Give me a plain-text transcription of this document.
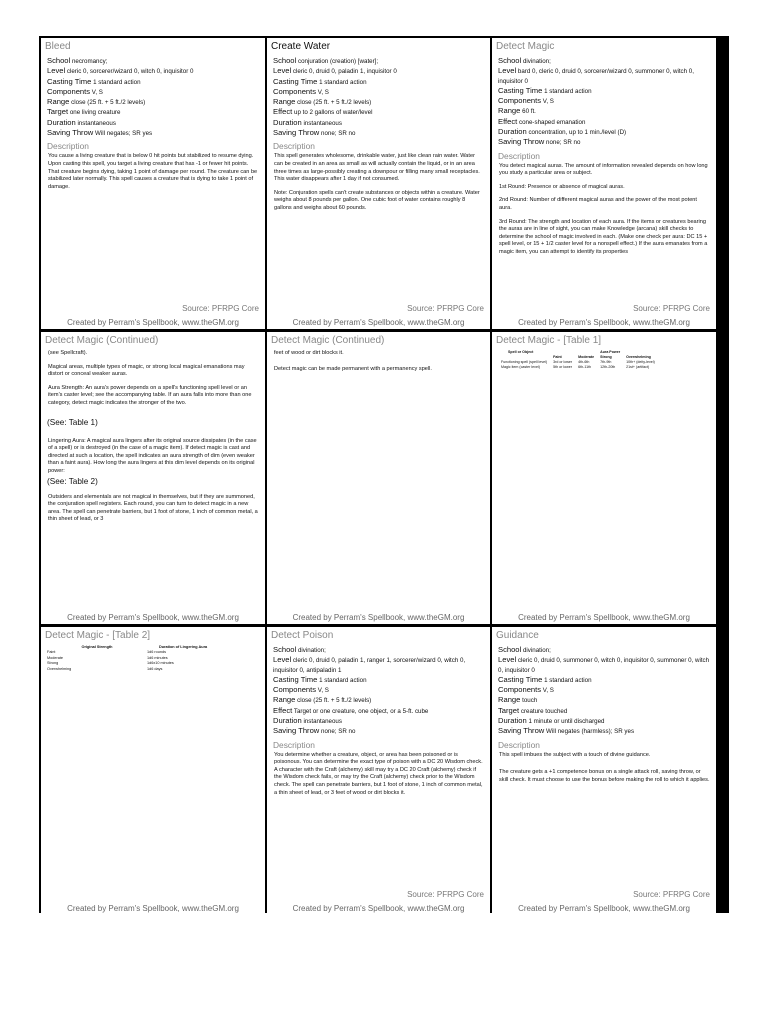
Bleed
School necromancy;
Level cleric 0, sorcerer/wizard 0, witch 0, inquisitor 0
Casting Time 1 standard action
Components V, S
Range close (25 ft. + 5 ft./2 levels)
Target one living creature
Duration instantaneous
Saving Throw Will negates; SR yes
Description
You cause a living creature that is below 0 hit points but stabilized to resume dying. Upon casting this spell, you target a living creature that has -1 or fewer hit points. That creature begins dying, taking 1 point of damage per round. The creature can be stabilized later normally. This spell causes a creature that is dying to take 1 point of damage.
Source: PFRPG Core
Created by Perram's Spellbook, www.theGM.org
Create Water
School conjuration (creation) [water];
Level cleric 0, druid 0, paladin 1, inquisitor 0
Casting Time 1 standard action
Components V, S
Range close (25 ft. + 5 ft./2 levels)
Effect up to 2 gallons of water/level
Duration instantaneous
Saving Throw none; SR no
Description
This spell generates wholesome, drinkable water, just like clean rain water. Water can be created in an area as small as will actually contain the liquid, or in an area three times as large-possibly creating a downpour or filling many small receptacles. This water disappears after 1 day if not consumed.
Note: Conjuration spells can't create substances or objects within a creature. Water weighs about 8 pounds per gallon. One cubic foot of water contains roughly 8 gallons and weighs about 60 pounds.
Source: PFRPG Core
Created by Perram's Spellbook, www.theGM.org
Detect Magic
School divination;
Level bard 0, cleric 0, druid 0, sorcerer/wizard 0, summoner 0, witch 0, inquisitor 0
Casting Time 1 standard action
Components V, S
Range 60 ft.
Effect cone-shaped emanation
Duration concentration, up to 1 min./level (D)
Saving Throw none; SR no
Description
You detect magical auras. The amount of information revealed depends on how long you study a particular area or subject.
1st Round: Presence or absence of magical auras.
2nd Round: Number of different magical auras and the power of the most potent aura.
3rd Round: The strength and location of each aura. If the items or creatures bearing the auras are in line of sight, you can make Knowledge (arcana) skill checks to determine the school of magic involved in each. (Make one check per aura: DC 15 + spell level, or 15 + 1/2 caster level for a nonspell effect.) If the aura emanates from a magic item, you can attempt to identify its properties
Source: PFRPG Core
Created by Perram's Spellbook, www.theGM.org
Detect Magic (Continued)
(see Spellcraft).
Magical areas, multiple types of magic, or strong local magical emanations may distort or conceal weaker auras.
Aura Strength: An aura's power depends on a spell's functioning spell level or an item's caster level; see the accompanying table. If an aura falls into more than one category, detect magic indicates the stronger of the two.
(See: Table 1)
Lingering Aura: A magical aura lingers after its original source dissipates (in the case of a spell) or is destroyed (in the case of a magic item). If detect magic is cast and directed at such a location, the spell indicates an aura strength of dim (even weaker than a faint aura). How long the aura lingers at this dim level depends on its original power:
(See: Table 2)
Outsiders and elementals are not magical in themselves, but if they are summoned, the conjuration spell registers. Each round, you can turn to detect magic in a new area. The spell can penetrate barriers, but 1 foot of stone, 1 inch of common metal, a thin sheet of lead, or 3
Created by Perram's Spellbook, www.theGM.org
Detect Magic (Continued)
feet of wood or dirt blocks it.
Detect magic can be made permanent with a permanency spell.
Created by Perram's Spellbook, www.theGM.org
Detect Magic - [Table 1]
Spell or Object			Aura Power	
	Faint	Moderate	Strong	Overwhelming
Functioning spell (spell level)	3rd or lower	4th-6th	7th-9th	10th+ (deity-level)
Magic item (caster level)	5th or lower	6th-11th	12th-20th	21st+ (artifact)
Created by Perram's Spellbook, www.theGM.org
Detect Magic - [Table 2]
Original Strength	Duration of Lingering Aura
Faint	1d6 rounds
Moderate	1d6 minutes
Strong	1d6x10 minutes
Overwhelming	1d6 days
Created by Perram's Spellbook, www.theGM.org
Detect Poison
School divination;
Level cleric 0, druid 0, paladin 1, ranger 1, sorcerer/wizard 0, witch 0, inquisitor 0, antipaladin 1
Casting Time 1 standard action
Components V, S
Range close (25 ft. + 5 ft./2 levels)
Effect Target or one creature, one object, or a 5-ft. cube
Duration instantaneous
Saving Throw none; SR no
Description
You determine whether a creature, object, or area has been poisoned or is poisonous. You can determine the exact type of poison with a DC 20 Wisdom check. A character with the Craft (alchemy) skill may try a DC 20 Craft (alchemy) check if the Wisdom check fails, or may try the Craft (alchemy) check prior to the Wisdom check. The spell can penetrate barriers, but 1 foot of stone, 1 inch of common metal, a thin sheet of lead, or 3 feet of wood or dirt blocks it.
Source: PFRPG Core
Created by Perram's Spellbook, www.theGM.org
Guidance
School divination;
Level cleric 0, druid 0, summoner 0, witch 0, inquisitor 0, summoner 0, witch 0, inquisitor 0
Casting Time 1 standard action
Components V, S
Range touch
Target creature touched
Duration 1 minute or until discharged
Saving Throw Will negates (harmless); SR yes
Description
This spell imbues the subject with a touch of divine guidance.
The creature gets a +1 competence bonus on a single attack roll, saving throw, or skill check. It must choose to use the bonus before making the roll to which it applies.
Source: PFRPG Core
Created by Perram's Spellbook, www.theGM.org
